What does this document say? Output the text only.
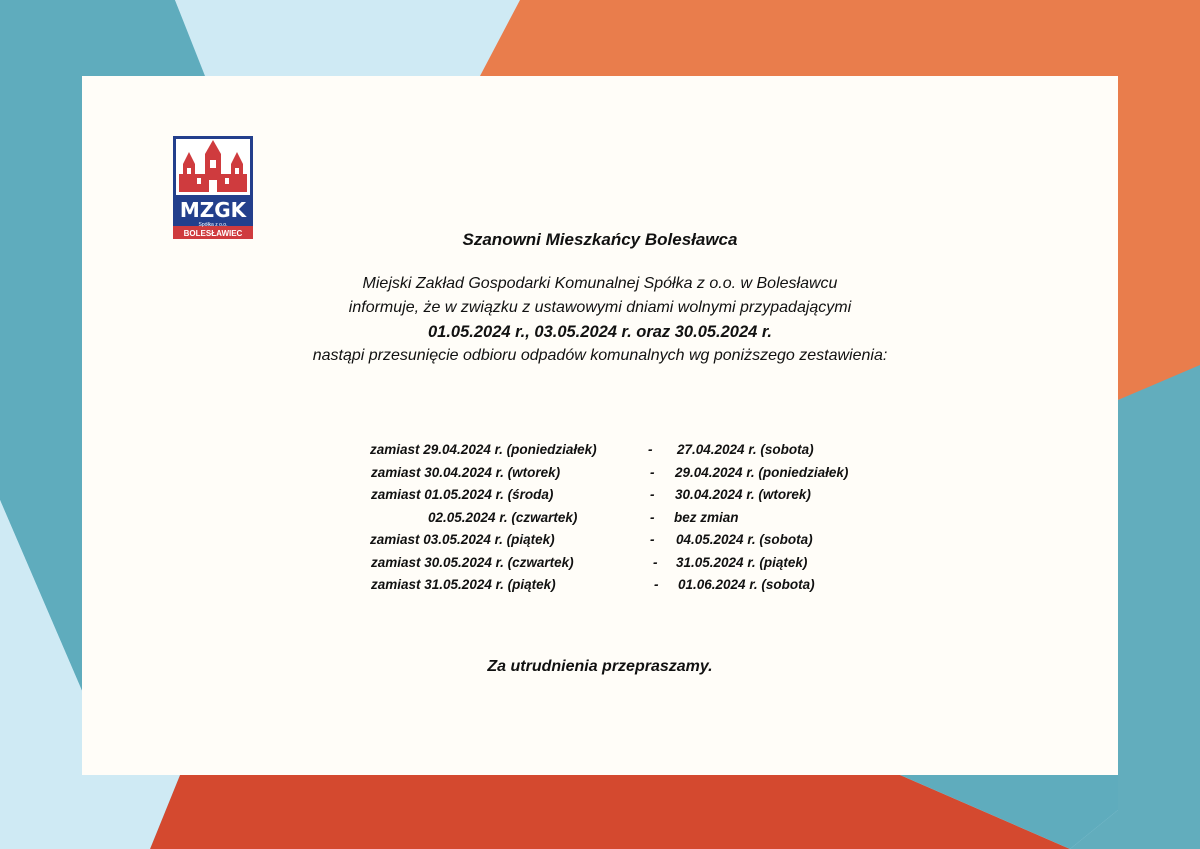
MZGK
Spółka z o.o.
BOLESŁAWIEC	Szanowni Mieszkańcy Bolesławca
Miejski Zakład Gospodarki Komunalnej Spółka z o.o. w Bolesławcu
informuje, że w związku z ustawowymi dniami wolnymi przypadającymi
01.05.2024 r., 03.05.2024 r. oraz 30.05.2024 r.
nastąpi przesunięcie odbioru odpadów komunalnych wg poniższego zestawienia:
zamiast 29.04.2024 r. (poniedziałek)	- 27.04.2024 r. (sobota)
zamiast 30.04.2024 r. (wtorek)	- 29.04.2024 r. (poniedziałek)
zamiast 01.05.2024 r. (środa)	- 30.04.2024 r. (wtorek)
02.05.2024 r. (czwartek)	- bez zmian
zamiast 03.05.2024 r. (piątek)	- 04.05.2024 r. (sobota)
zamiast 30.05.2024 r. (czwartek)	- 31.05.2024 r. (piątek)
zamiast 31.05.2024 r. (piątek)	- 01.06.2024 r. (sobota)
Za utrudnienia przepraszamy.
